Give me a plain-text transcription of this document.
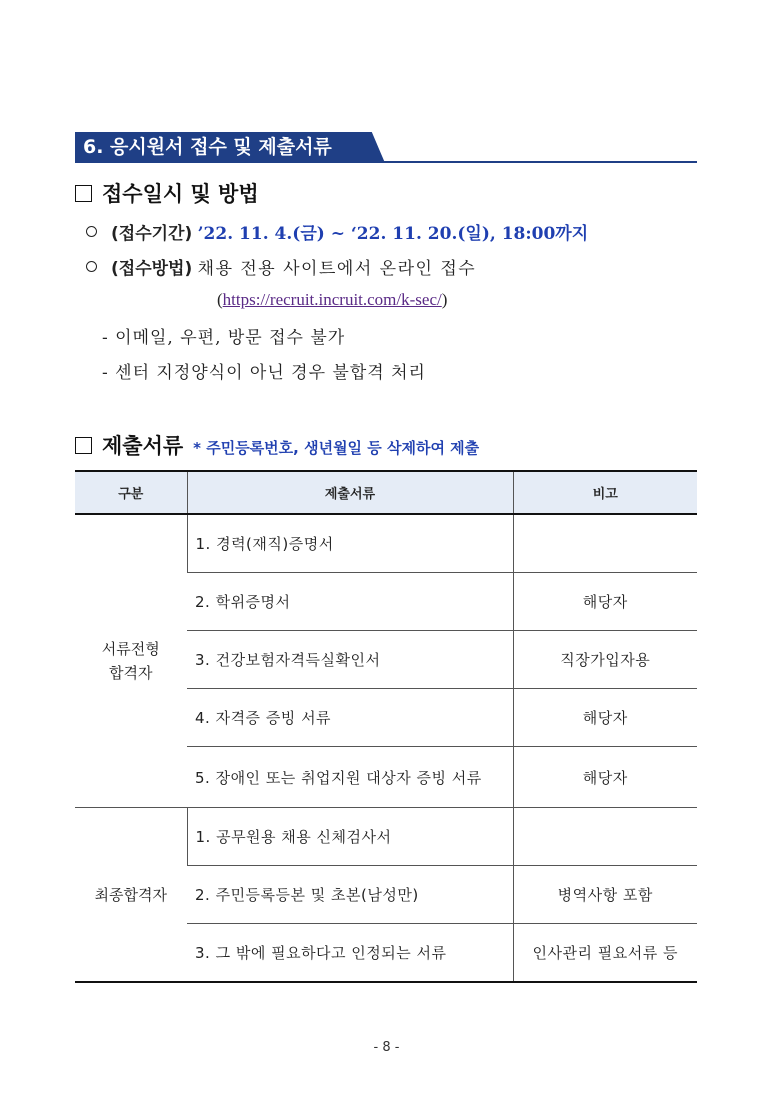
6. 응시원서 접수 및 제출서류
접수일시 및 방법
(접수기간) ’22. 11. 4.(금) ~ ‘22. 11. 20.(일), 18:00까지
(접수방법) 채용 전용 사이트에서 온라인 접수
(https://recruit.incruit.com/k-sec/)
- 이메일, 우편, 방문 접수 불가
- 센터 지정양식이 아닌 경우 불합격 처리
제출서류 * 주민등록번호, 생년월일 등 삭제하여 제출
구분	제출서류	비고
서류전형
합격자	1. 경력(재직)증명서	
	2. 학위증명서	해당자
	3. 건강보험자격득실확인서	직장가입자용
	4. 자격증 증빙 서류	해당자
	5. 장애인 또는 취업지원 대상자 증빙 서류	해당자
최종합격자	1. 공무원용 채용 신체검사서	
	2. 주민등록등본 및 초본(남성만)	병역사항 포함
	3. 그 밖에 필요하다고 인정되는 서류	인사관리 필요서류 등
- 8 -
